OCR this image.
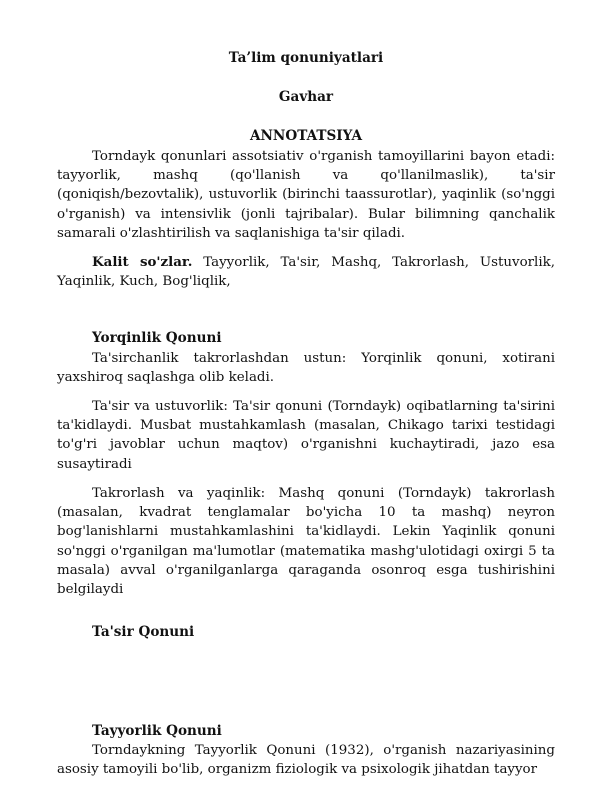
Ta’lim qonuniyatlari
Gavhar
ANNOTATSIYA

Torndayk qonunlari assotsiativ o'rganish tamoyillarini bayon etadi: tayyorlik, mashq (qo'llanish va qo'llanilmaslik), ta'sir (qoniqish/bezovtalik), ustuvorlik (birinchi taassurotlar), yaqinlik (so'nggi o'rganish) va intensivlik (jonli tajribalar). Bular bilimning qanchalik samarali o'zlashtirilish va saqlanishiga ta'sir qiladi.

Kalit so'zlar. Tayyorlik, Ta'sir, Mashq, Takrorlash, Ustuvorlik, Yaqinlik, Kuch, Bog'liqlik,

Yorqinlik Qonuni

Ta'sirchanlik takrorlashdan ustun: Yorqinlik qonuni, xotirani yaxshiroq saqlashga olib keladi.

Ta'sir va ustuvorlik: Ta'sir qonuni (Torndayk) oqibatlarning ta'sirini ta'kidlaydi. Musbat mustahkamlash (masalan, Chikago tarixi testidagi to'g'ri javoblar uchun maqtov) o'rganishni kuchaytiradi, jazo esa susaytiradi

Takrorlash va yaqinlik: Mashq qonuni (Torndayk) takrorlash (masalan, kvadrat tenglamalar bo'yicha 10 ta mashq) neyron bog'lanishlarni mustahkamlashini ta'kidlaydi. Lekin Yaqinlik qonuni so'nggi o'rganilgan ma'lumotlar (matematika mashg'ulotidagi oxirgi 5 ta masala) avval o'rganilganlarga qaraganda osonroq esga tushirishini belgilaydi

Ta'sir Qonuni
Tayyorlik Qonuni

Torndaykning Tayyorlik Qonuni (1932), o'rganish nazariyasining asosiy tamoyili bo'lib, organizm fiziologik va psixologik jihatdan tayyor
